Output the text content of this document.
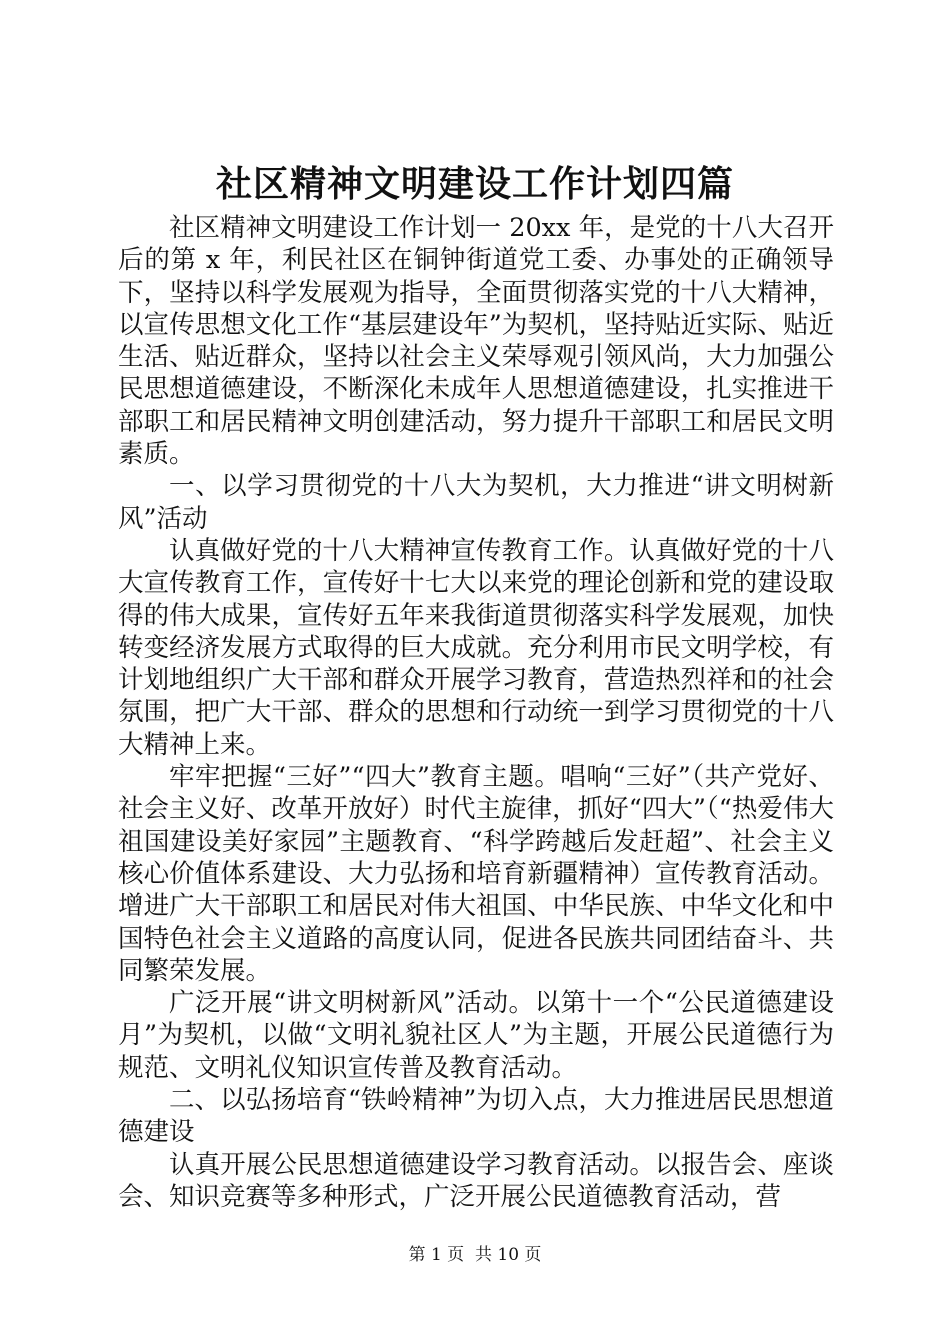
社区精神文明建设工作计划四篇

社区精神文明建设工作计划一 20xx 年，是党的十八大召开后的第 x 年，利民社区在铜钟街道党工委、办事处的正确领导下，坚持以科学发展观为指导，全面贯彻落实党的十八大精神，以宣传思想文化工作“基层建设年”为契机，坚持贴近实际、贴近生活、贴近群众，坚持以社会主义荣辱观引领风尚，大力加强公民思想道德建设，不断深化未成年人思想道德建设，扎实推进干部职工和居民精神文明创建活动，努力提升干部职工和居民文明素质。

一、以学习贯彻党的十八大为契机，大力推进“讲文明树新风”活动

认真做好党的十八大精神宣传教育工作。认真做好党的十八大宣传教育工作，宣传好十七大以来党的理论创新和党的建设取得的伟大成果，宣传好五年来我街道贯彻落实科学发展观，加快转变经济发展方式取得的巨大成就。充分利用市民文明学校，有计划地组织广大干部和群众开展学习教育，营造热烈祥和的社会氛围，把广大干部、群众的思想和行动统一到学习贯彻党的十八大精神上来。

牢牢把握“三好”“四大”教育主题。唱响“三好”（共产党好、社会主义好、改革开放好）时代主旋律，抓好“四大”（“热爱伟大祖国建设美好家园”主题教育、“科学跨越后发赶超”、社会主义核心价值体系建设、大力弘扬和培育新疆精神）宣传教育活动。增进广大干部职工和居民对伟大祖国、中华民族、中华文化和中国特色社会主义道路的高度认同，促进各民族共同团结奋斗、共同繁荣发展。

广泛开展“讲文明树新风”活动。以第十一个“公民道德建设月”为契机，以做“文明礼貌社区人”为主题，开展公民道德行为规范、文明礼仪知识宣传普及教育活动。

二、以弘扬培育“铁岭精神”为切入点，大力推进居民思想道德建设

认真开展公民思想道德建设学习教育活动。以报告会、座谈会、知识竞赛等多种形式，广泛开展公民道德教育活动，营

第 1 页 共 10 页
